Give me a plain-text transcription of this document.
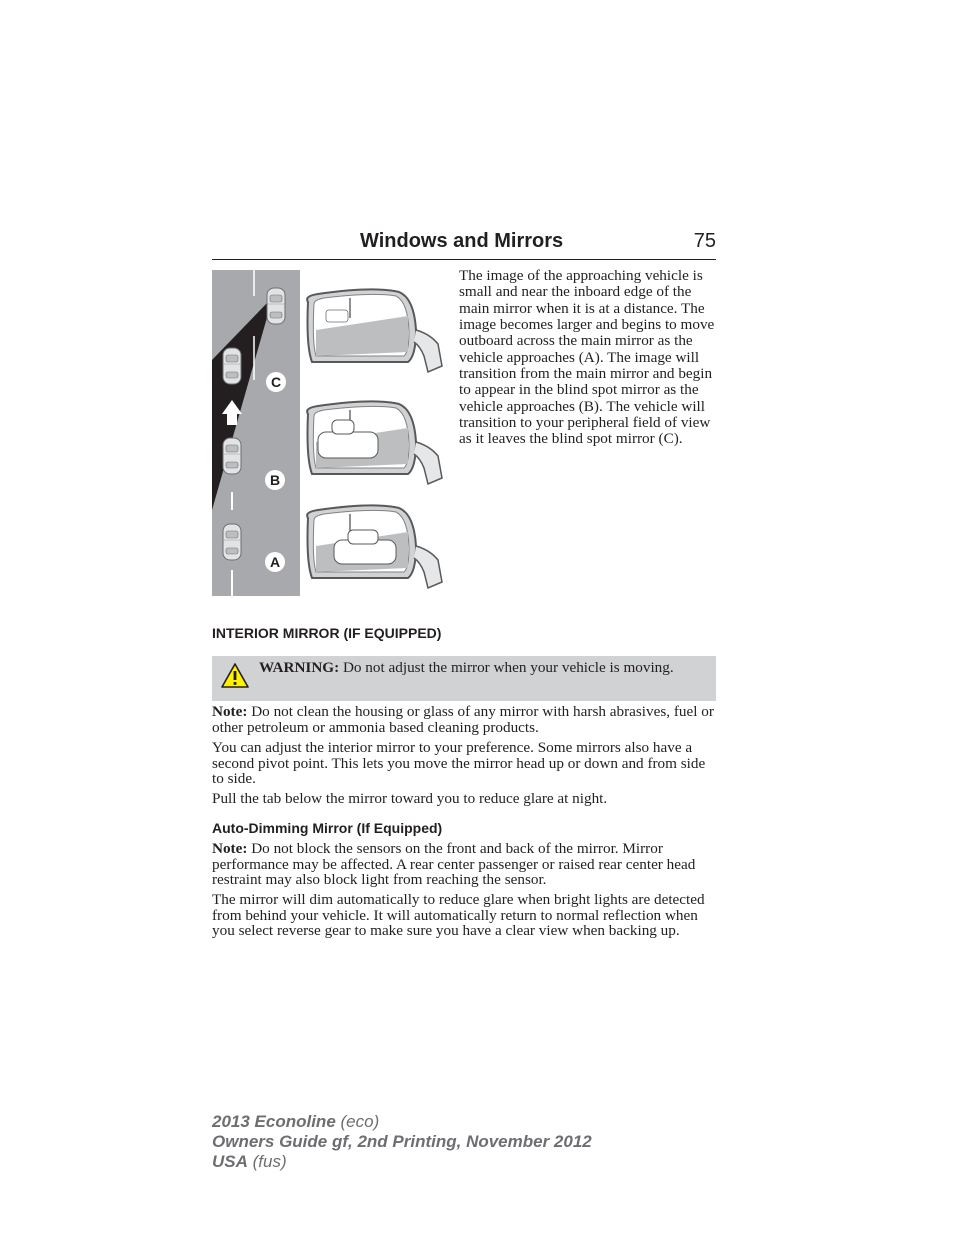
Windows and Mirrors	75
C
B
A

The image of the approaching vehicle is small and near the inboard edge of the main mirror when it is at a distance. The image becomes larger and begins to move outboard across the main mirror as the vehicle approaches (A). The image will transition from the main mirror and begin to appear in the blind spot mirror as the vehicle approaches (B). The vehicle will transition to your peripheral field of view as it leaves the blind spot mirror (C).

INTERIOR MIRROR (IF EQUIPPED)

WARNING: Do not adjust the mirror when your vehicle is moving.

Note: Do not clean the housing or glass of any mirror with harsh abrasives, fuel or other petroleum or ammonia based cleaning products.

You can adjust the interior mirror to your preference. Some mirrors also have a second pivot point. This lets you move the mirror head up or down and from side to side.

Pull the tab below the mirror toward you to reduce glare at night.

Auto-Dimming Mirror (If Equipped)

Note: Do not block the sensors on the front and back of the mirror. Mirror performance may be affected. A rear center passenger or raised rear center head restraint may also block light from reaching the sensor.

The mirror will dim automatically to reduce glare when bright lights are detected from behind your vehicle. It will automatically return to normal reflection when you select reverse gear to make sure you have a clear view when backing up.

2013 Econoline (eco)
Owners Guide gf, 2nd Printing, November 2012
USA (fus)
